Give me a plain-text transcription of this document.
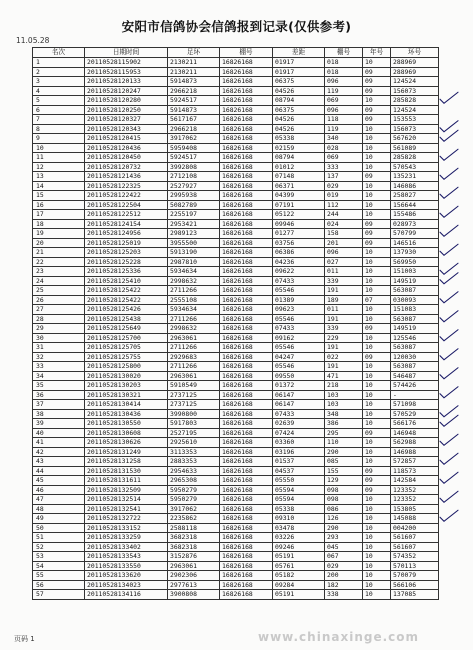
安阳市信鸽协会信鸽报到记录(仅供参考)
11.05.28
名次	日期时间	足环	棚号	差距	棚号	年号	环号
1	20110528115902	2130211	16826168	01917	018	10	288969
2	20110528115953	2130211	16826168	01917	018	09	288969
3	20110528120133	5914873	16826168	06375	096	09	124524
4	20110528120247	2966218	16826168	04526	119	09	156073
5	20110528120280	5924517	16826168	08794	069	10	285828
6	20110528120250	5914873	16826168	06375	096	09	124524
7	20110528120327	5617167	16826168	04526	118	09	153553
8	20110528120343	2966218	16826168	04526	119	10	156073
9	20110528120415	3917062	16826168	05338	340	10	567620
10	20110528120436	5959408	16826168	02159	028	10	561089
11	20110528120450	5924517	16826168	08794	069	10	285828
12	20110528120732	3992808	16826168	01012	333	10	570543
13	20110528121436	2712108	16826168	07148	137	09	135231
14	20110528122325	2527927	16826168	06371	029	10	146086
15	20110528122422	2995938	16826168	04399	019	10	258027
16	20110528122504	5082789	16826168	07191	112	10	156644
17	20110528122512	2255197	16826168	05122	244	10	155486
18	20110528124154	2953421	16826168	09946	024	09	028973
19	20110528124956	2989123	16826168	01277	158	09	570799
20	20110528125019	3955500	16826168	03756	201	09	146516
21	20110528125203	5913190	16826168	06386	096	10	137930
22	20110528125228	2987810	16826168	04236	027	10	569950
23	20110528125336	5934634	16826168	09622	011	10	151003
24	20110528125410	2998632	16826168	07433	339	10	149519
25	20110528125422	2711266	16826168	05546	191	10	563087
26	20110528125422	2555108	16826168	01389	189	07	030093
27	20110528125426	5934634	16826168	09623	011	10	151083
28	20110528125438	2711266	16826168	05546	191	10	563087
29	20110528125649	2998632	16826168	07433	339	09	149519
30	20110528125700	2963061	16826168	09162	229	10	125546
31	20110528125705	2711266	16826168	05546	191	10	563087
32	20110528125755	2929683	16826168	04247	022	09	120030
33	20110528125800	2711266	16826168	05546	191	10	563087
34	20110528130020	2963061	16826168	09550	471	10	546487
35	20110528130203	5910549	16826168	01372	218	10	574426
36	20110528130321	2737125	16826168	06147	103	10	-
37	20110528130414	2737125	16826168	06147	103	10	571098
38	20110528130436	3990800	16826168	07433	348	10	570529
39	20110528130550	5917803	16826168	02639	386	10	566176
40	20110528130608	2527195	16826168	07424	295	09	146948
41	20110528130626	2925610	16826168	03360	110	10	562988
42	20110528131249	3113353	16826168	03196	290	10	146988
43	20110528131258	2883353	16826168	01537	085	10	572857
44	20110528131530	2954633	16826168	04537	155	09	118573
45	20110528131611	2965308	16826168	05550	129	09	142584
46	20110528132509	5950279	16826168	05594	098	09	123352
47	20110528132514	5950279	16826168	05594	098	10	123352
48	20110528132541	3917062	16826168	05338	086	10	153805
49	20110528132722	2235862	16826168	09310	126	10	145088
50	20110528133152	2588118	16826168	03478	290	10	004200
51	20110528133259	3682318	16826168	03226	293	10	561607
52	20110528133402	3682318	16826168	09246	045	10	561607
53	20110528133543	3152876	16826168	05191	067	10	574352
54	20110528133550	2963061	16826168	05761	029	10	570113
55	20110528133620	2902306	16826168	05182	200	10	570079
56	20110528134023	2977613	16826168	09284	182	10	566106
57	20110528134116	3900808	16826168	05191	338	10	137085
页码 1	www.chinaxinge.com
